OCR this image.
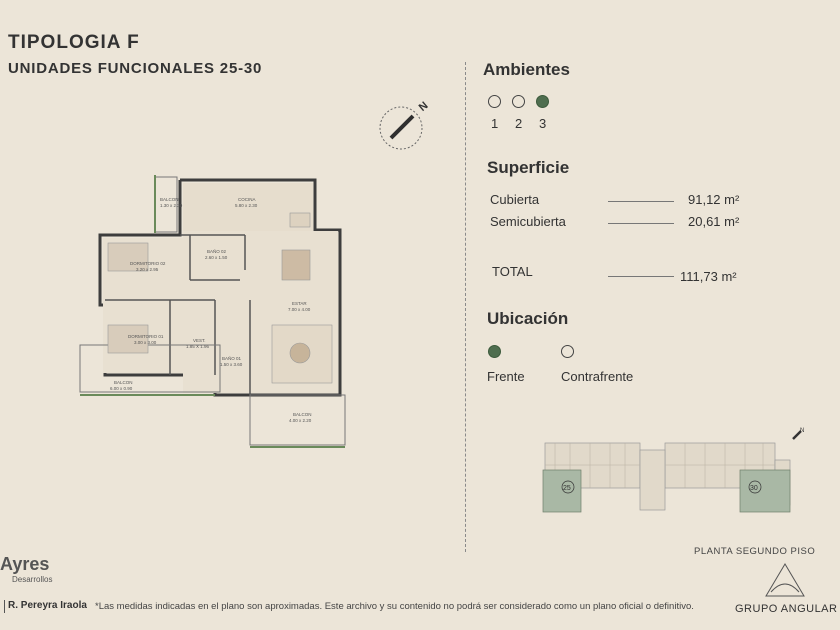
TIPOLOGIA F
UNIDADES FUNCIONALES 25-30
BALCON
1.30 x 2.30
COCINA
5.80 x 2.30
DORMITORIO 02
3.20 x 2.95
BAÑO 02
2.60 x 1.50
ESTAR
7.00 x 4.00
DORMITORIO 01
3.00 x 3.00	VEST.
1.85 X 1.96
BAÑO 01
1.50 x 3.60
BALCON
6.00 x 0.90
BALCON
4.00 x 2.20
N
Ambientes
1 2 3
Superficie
Cubierta	91,12 m²
Semicubierta	20,61 m²
TOTAL	111,73 m²
Ubicación
Frente	Contrafrente
25	30
N
PLANTA SEGUNDO PISO
GRUPO ANGULAR
Ayres
Desarrollos
R. Pereyra Iraola *Las medidas indicadas en el plano son aproximadas. Este archivo y su contenido no podrá ser considerado como un plano oficial o definitivo.
